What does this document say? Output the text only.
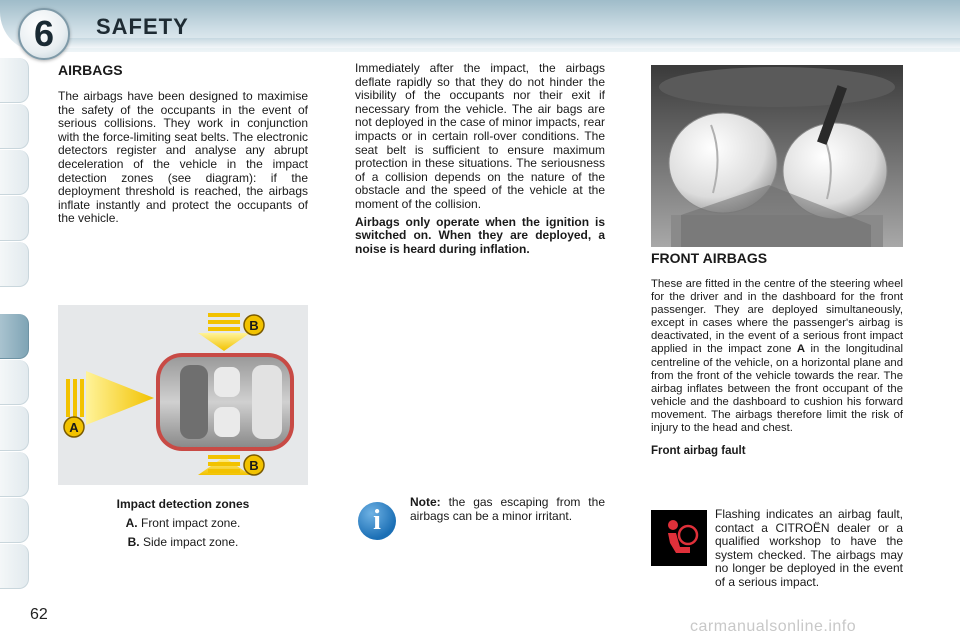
6	SAFETY
AIRBAGS

The airbags have been designed to maximise the safety of the occupants in the event of serious collisions. They work in conjunction with the force-limiting seat belts. The electronic detectors register and analyse any abrupt deceleration of the vehicle in the impact detection zones (see diagram): if the deployment threshold is reached, the airbags inflate instantly and protect the occupants of the vehicle.

B
B
A
Impact detection zones
A. Front impact zone.
B. Side impact zone.

Immediately after the impact, the airbags deflate rapidly so that they do not hinder the visibility of the occupants nor their exit if necessary from the vehicle. The air bags are not deployed in the case of minor impacts, rear impacts or in certain roll-over conditions. The seat belt is sufficient to ensure maximum protection in these situations. The seriousness of a collision depends on the nature of the obstacle and the speed of the vehicle at the moment of the collision.

Airbags only operate when the ignition is switched on. When they are deployed, a noise is heard during inflation.

i
Note: the gas escaping from the airbags can be a minor irritant.
FRONT AIRBAGS

These are fitted in the centre of the steering wheel for the driver and in the dashboard for the front passenger. They are deployed simultaneously, except in cases where the passenger's airbag is deactivated, in the event of a serious front impact applied in the impact zone A in the longitudinal centreline of the vehicle, on a horizontal plane and from the front of the vehicle towards the rear. The airbag inflates between the front occupant of the vehicle and the dashboard to cushion his forward movement. The airbags therefore limit the risk of injury to the head and chest.

Front airbag fault
Flashing indicates an airbag fault, contact a CITROËN dealer or a qualified workshop to have the system checked. The airbags may no longer be deployed in the event of a serious impact.
62
carmanualsonline.info
